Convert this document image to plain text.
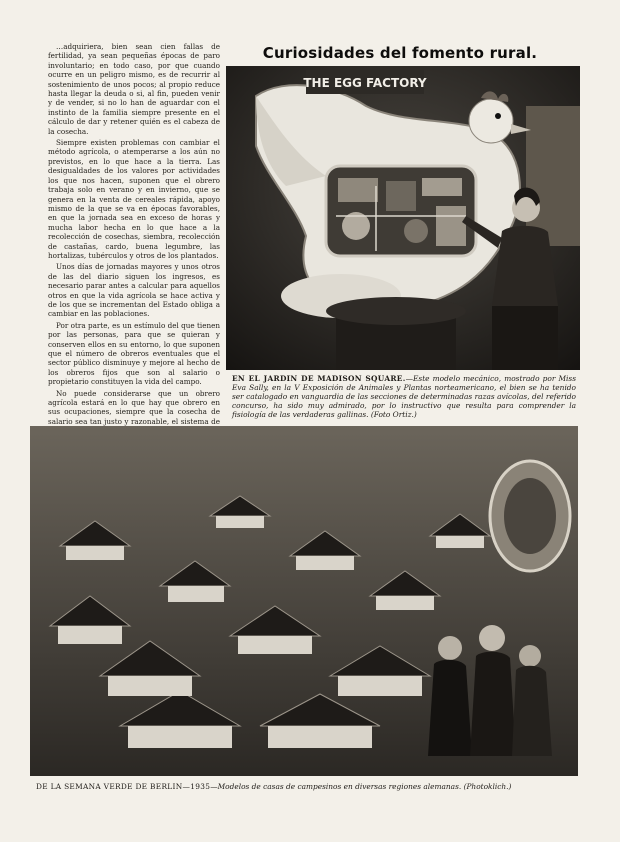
…adquiriera, bien sean cien fallas de fertilidad, ya sean pequeñas épocas de paro involuntario; en todo caso, por que cuando ocurre en un peligro mismo, es de recurrir al sostenimiento de unos pocos; al propio reduce hasta llegar la deuda o si, al fin, pueden venir y de vender, si no lo han de aguardar con el instinto de la familia siempre presente en el cálculo de dar y retener quién es el cabeza de la cosecha.

Siempre existen problemas con cambiar el método agrícola, o atemperarse a los aún no previstos, en lo que hace a la tierra. Las desigualdades de los valores por actividades los que nos hacen, suponen que el obrero trabaja solo en verano y en invierno, que se genera en la venta de cereales rápida, apoyo mismo de la que se va en épocas favorables, en que la jornada sea en exceso de horas y mucha labor hecha en lo que hace a la recolección de cosechas, siembra, recolección de castañas, cardo, buena legumbre, las hortalizas, tubérculos y otros de los plantados.

Unos días de jornadas mayores y unos otros de las del diario siguen los ingresos, es necesario parar antes a calcular para aquellos otros en que la vida agrícola se hace activa y de los que se incrementan del Estado obliga a cambiar en las poblaciones.

Por otra parte, es un estímulo del que tienen por las personas, para que se quieran y conserven ellos en su entorno, lo que suponen que el número de obreros eventuales que el sector público disminuye y mejore al hecho de los obreros fijos que son al salario o propietario constituyen la vida del campo.

No puede considerarse que un obrero agrícola estará en lo que hay que obrero en sus ocupaciones, siempre que la cosecha de salario sea tan justo y razonable, el sistema de

Curiosidades del fomento rural.
THE EGG FACTORY
EN EL JARDIN DE MADISON SQUARE.—Este modelo mecánico, mostrado por Miss Eva Sally, en la V Exposición de Animales y Plantas norteamericano, el bien se ha tenido ser catalogado en vanguardia de las secciones de determinadas razas avícolas, del referido concurso, ha sido muy admirado, por lo instructivo que resulta para comprender la fisiología de las verdaderas gallinas. (Foto Ortiz.)
DE LA SEMANA VERDE DE BERLIN—1935—Modelos de casas de campesinos en diversas regiones alemanas. (Photoklich.)
